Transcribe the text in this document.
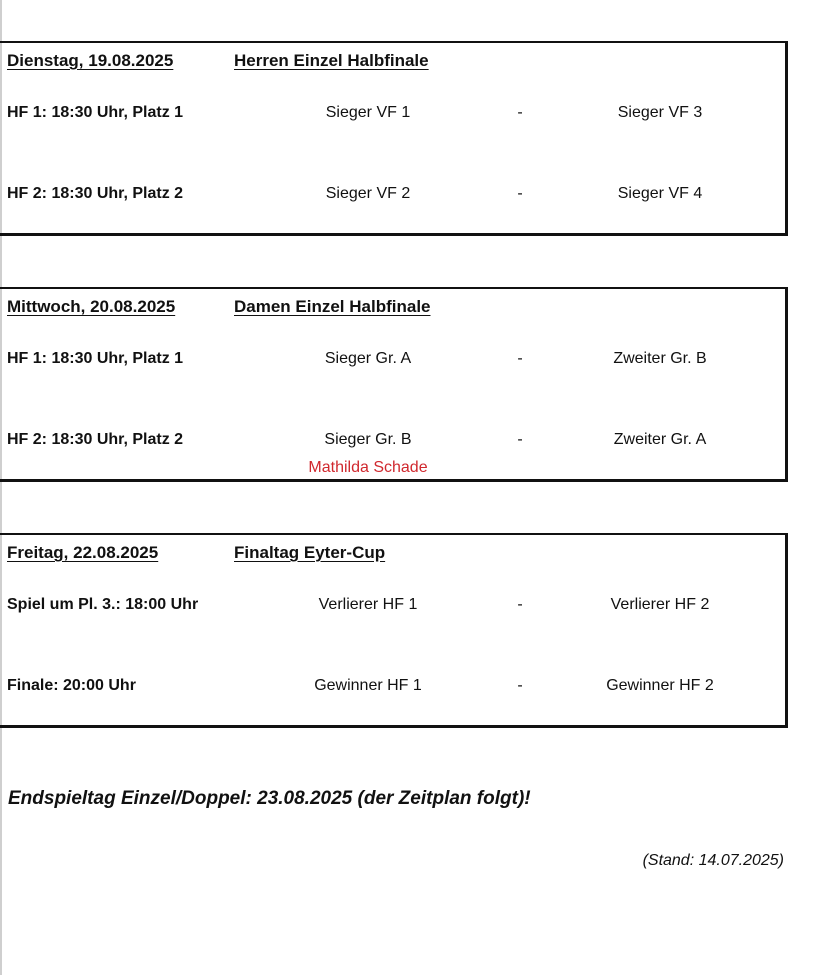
Dienstag, 19.08.2025	Herren Einzel Halbfinale
HF 1: 18:30 Uhr, Platz 1	Sieger VF 1	-	Sieger VF 3
HF 2: 18:30 Uhr, Platz 2	Sieger VF 2	-	Sieger VF 4
Mittwoch, 20.08.2025	Damen Einzel Halbfinale
HF 1: 18:30 Uhr, Platz 1	Sieger Gr. A	-	Zweiter Gr. B
HF 2: 18:30 Uhr, Platz 2	Sieger Gr. B	-	Zweiter Gr. A
Mathilda Schade
Freitag, 22.08.2025	Finaltag Eyter-Cup
Spiel um Pl. 3.: 18:00 Uhr	Verlierer HF 1	-	Verlierer HF 2
Finale: 20:00 Uhr	Gewinner HF 1	-	Gewinner HF 2
Endspieltag Einzel/Doppel: 23.08.2025 (der Zeitplan folgt)!
(Stand: 14.07.2025)
